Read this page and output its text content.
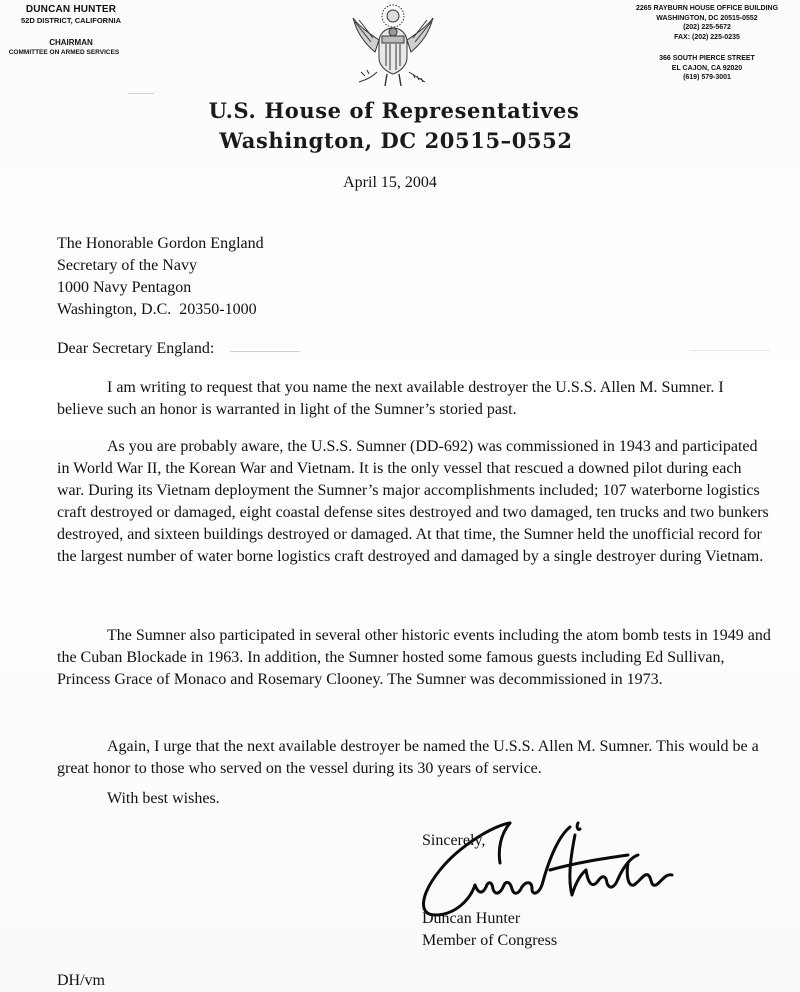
DUNCAN HUNTER
52D DISTRICT, CALIFORNIA
CHAIRMAN
COMMITTEE ON ARMED SERVICES
2265 RAYBURN HOUSE OFFICE BUILDING
WASHINGTON, DC 20515-0552
(202) 225-5672
FAX: (202) 225-0235
366 SOUTH PIERCE STREET
EL CAJON, CA 92020
(619) 579-3001
U.S. House of Representatives
Washington, DC 20515–0552
April 15, 2004
The Honorable Gordon England
Secretary of the Navy
1000 Navy Pentagon
Washington, D.C.  20350-1000
Dear Secretary England:
I am writing to request that you name the next available destroyer the U.S.S. Allen M. Sumner. I believe such an honor is warranted in light of the Sumner’s storied past.
As you are probably aware, the U.S.S. Sumner (DD-692) was commissioned in 1943 and participated in World War II, the Korean War and Vietnam. It is the only vessel that rescued a downed pilot during each war. During its Vietnam deployment the Sumner’s major accomplishments included; 107 waterborne logistics craft destroyed or damaged, eight coastal defense sites destroyed and two damaged, ten trucks and two bunkers destroyed, and sixteen buildings destroyed or damaged. At that time, the Sumner held the unofficial record for the largest number of water borne logistics craft destroyed and damaged by a single destroyer during Vietnam.
The Sumner also participated in several other historic events including the atom bomb tests in 1949 and the Cuban Blockade in 1963. In addition, the Sumner hosted some famous guests including Ed Sullivan, Princess Grace of Monaco and Rosemary Clooney. The Sumner was decommissioned in 1973.
Again, I urge that the next available destroyer be named the U.S.S. Allen M. Sumner. This would be a great honor to those who served on the vessel during its 30 years of service.
With best wishes.
Sincerely,
Duncan Hunter
Member of Congress
DH/vm
